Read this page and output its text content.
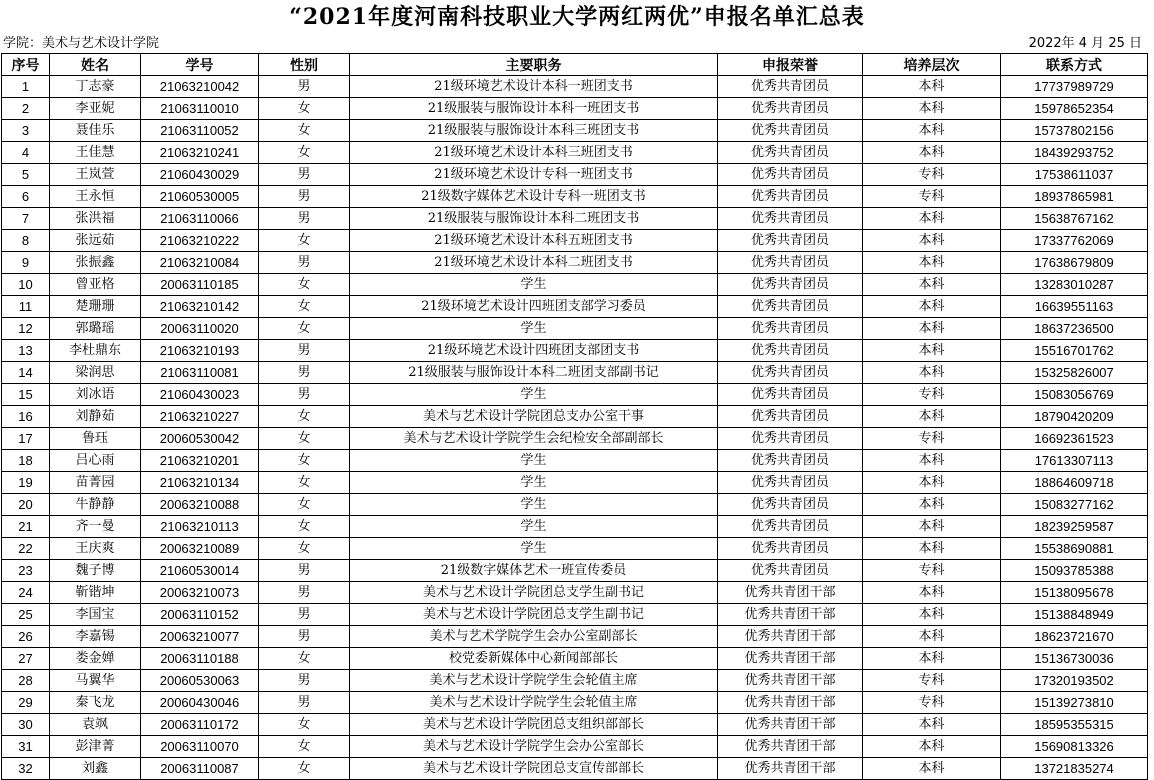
“2021年度河南科技职业大学两红两优”申报名单汇总表
学院：美术与艺术设计学院	2022年 4 月 25 日
序号	姓名	学号	性别	主要职务	申报荣誉	培养层次	联系方式
1	丁志豪	21063210042	男	21级环境艺术设计本科一班团支书	优秀共青团员	本科	17737989729
2	李亚妮	21063110010	女	21级服装与服饰设计本科一班团支书	优秀共青团员	本科	15978652354
3	聂佳乐	21063110052	女	21级服装与服饰设计本科三班团支书	优秀共青团员	本科	15737802156
4	王佳慧	21063210241	女	21级环境艺术设计本科三班团支书	优秀共青团员	本科	18439293752
5	王岚萱	21060430029	男	21级环境艺术设计专科一班团支书	优秀共青团员	专科	17538611037
6	王永恒	21060530005	男	21级数字媒体艺术设计专科一班团支书	优秀共青团员	专科	18937865981
7	张洪福	21063110066	男	21级服装与服饰设计本科二班团支书	优秀共青团员	本科	15638767162
8	张远茹	21063210222	女	21级环境艺术设计本科五班团支书	优秀共青团员	本科	17337762069
9	张振鑫	21063210084	男	21级环境艺术设计本科二班团支书	优秀共青团员	本科	17638679809
10	曾亚格	20063110185	女	学生	优秀共青团员	本科	13283010287
11	楚珊珊	21063210142	女	21级环境艺术设计四班团支部学习委员	优秀共青团员	本科	16639551163
12	郭璐瑶	20063110020	女	学生	优秀共青团员	本科	18637236500
13	李杜鼎东	21063210193	男	21级环境艺术设计四班团支部团支书	优秀共青团员	本科	15516701762
14	梁润思	21063110081	男	21级服装与服饰设计本科二班团支部副书记	优秀共青团员	本科	15325826007
15	刘冰语	21060430023	男	学生	优秀共青团员	专科	15083056769
16	刘静茹	21063210227	女	美术与艺术设计学院团总支办公室干事	优秀共青团员	本科	18790420209
17	鲁珏	20060530042	女	美术与艺术设计学院学生会纪检安全部副部长	优秀共青团员	专科	16692361523
18	吕心雨	21063210201	女	学生	优秀共青团员	本科	17613307113
19	苗菁园	21063210134	女	学生	优秀共青团员	本科	18864609718
20	牛静静	20063210088	女	学生	优秀共青团员	本科	15083277162
21	齐一曼	21063210113	女	学生	优秀共青团员	本科	18239259587
22	王庆爽	20063210089	女	学生	优秀共青团员	本科	15538690881
23	魏子博	21060530014	男	21级数字媒体艺术一班宣传委员	优秀共青团员	专科	15093785388
24	靳锴坤	20063210073	男	美术与艺术设计学院团总支学生副书记	优秀共青团干部	本科	15138095678
25	李国宝	20063110152	男	美术与艺术设计学院团总支学生副书记	优秀共青团干部	本科	15138848949
26	李嘉锡	20063210077	男	美术与艺术学院学生会办公室副部长	优秀共青团干部	本科	18623721670
27	娄金婵	20063110188	女	校党委新媒体中心新闻部部长	优秀共青团干部	本科	15136730036
28	马翼华	20060530063	男	美术与艺术设计学院学生会轮值主席	优秀共青团干部	专科	17320193502
29	秦飞龙	20060430046	男	美术与艺术设计学院学生会轮值主席	优秀共青团干部	专科	15139273810
30	袁飒	20063110172	女	美术与艺术设计学院团总支组织部部长	优秀共青团干部	本科	18595355315
31	彭津菁	20063110070	女	美术与艺术设计学院学生会办公室部长	优秀共青团干部	本科	15690813326
32	刘鑫	20063110087	女	美术与艺术设计学院团总支宣传部部长	优秀共青团干部	本科	13721835274
